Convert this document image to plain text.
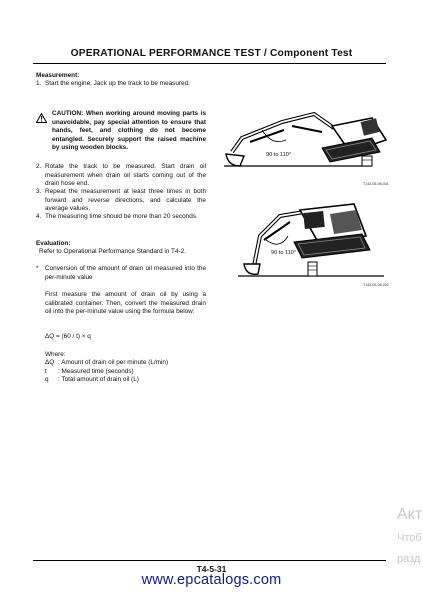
OPERATIONAL PERFORMANCE TEST / Component Test
Measurement:
1. Start the engine. Jack up the track to be measured.
CAUTION: When working around moving parts is unavoidable, pay special attention to ensure that hands, feet, and clothing do not become entangled. Securely support the raised machine by using wooden blocks.
2. Rotate the track to be measured. Start drain oil measurement when drain oil starts coming out of the drain hose end.
3. Repeat the measurement at least three times in both forward and reverse directions, and calculate the average values.
4. The measuring time should be more than 20 seconds.
Evaluation:
Refer to Operational Performance Standard in T4-2.
* Conversion of the amount of drain oil measured into the per-minute value
First measure the amount of drain oil by using a calibrated container. Then, convert the measured drain oil into the per-minute value using the formula below:
ΔQ = (60 / t) × q
Where:
ΔQ : Amount of drain oil per minute (L/min)
t : Measured time (seconds)
q : Total amount of drain oil (L)
90 to 110°
T142-05-06-001
90 to 110°
T142-05-06-002
Акт
Чтоб
разд
T4-5-31
www.epcatalogs.com
